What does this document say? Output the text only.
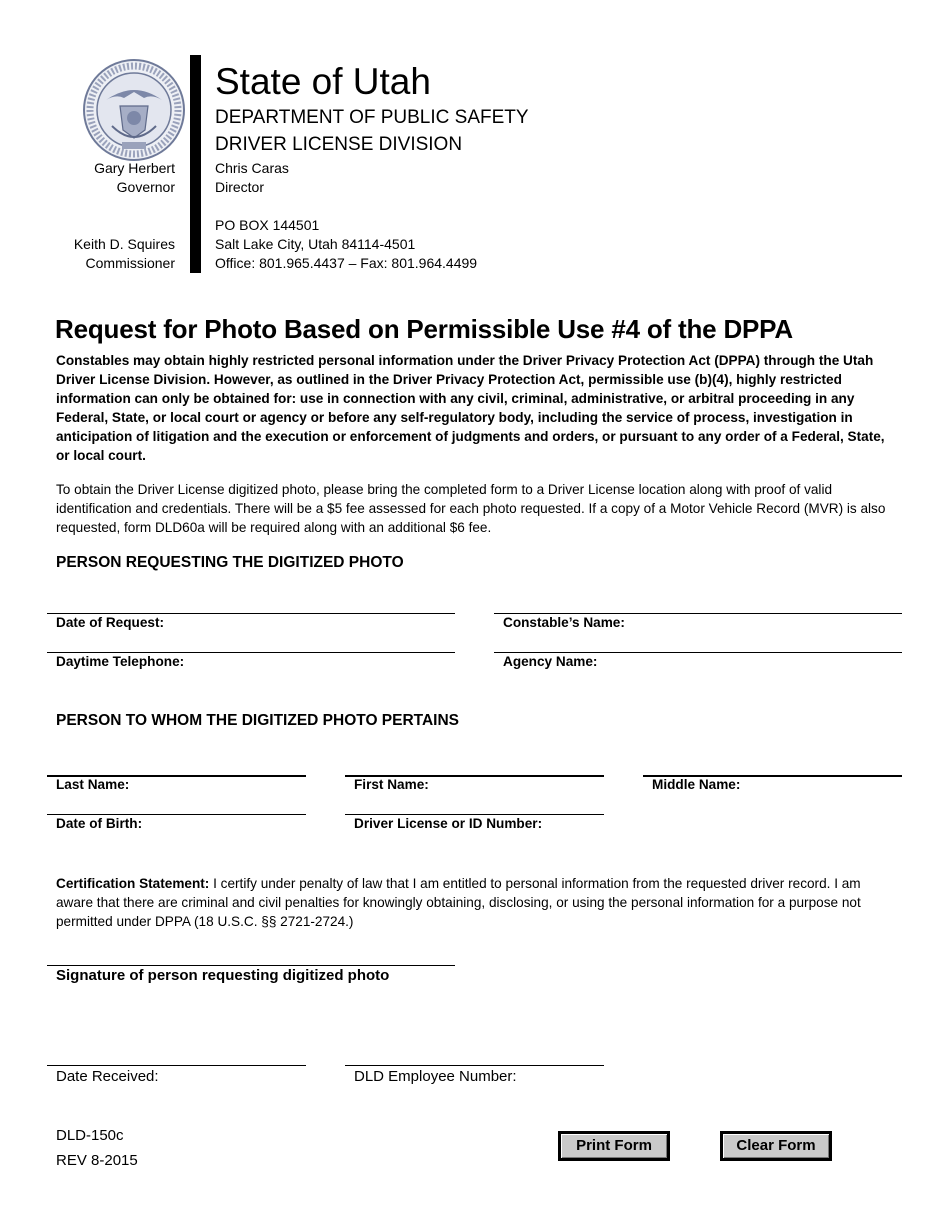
Gary Herbert
Governor
Keith D. Squires
Commissioner
State of Utah
DEPARTMENT OF PUBLIC SAFETY
DRIVER LICENSE DIVISION
Chris Caras
Director
PO BOX 144501
Salt Lake City, Utah 84114-4501
Office: 801.965.4437 – Fax: 801.964.4499
Request for Photo Based on Permissible Use #4 of the DPPA

Constables may obtain highly restricted personal information under the Driver Privacy Protection Act (DPPA) through the Utah Driver License Division. However, as outlined in the Driver Privacy Protection Act, permissible use (b)(4), highly restricted information can only be obtained for: use in connection with any civil, criminal, administrative, or arbitral proceeding in any Federal, State, or local court or agency or before any self-regulatory body, including the service of process, investigation in anticipation of litigation and the execution or enforcement of judgments and orders, or pursuant to any order of a Federal, State, or local court.

To obtain the Driver License digitized photo, please bring the completed form to a Driver License location along with proof of valid identification and credentials. There will be a $5 fee assessed for each photo requested. If a copy of a Motor Vehicle Record (MVR) is also requested, form DLD60a will be required along with an additional $6 fee.

PERSON REQUESTING THE DIGITIZED PHOTO
Date of Request:	Constable’s Name:
Daytime Telephone:	Agency Name:
PERSON TO WHOM THE DIGITIZED PHOTO PERTAINS
Last Name:	First Name:	Middle Name:
Date of Birth:	Driver License or ID Number:

Certification Statement: I certify under penalty of law that I am entitled to personal information from the requested driver record. I am aware that there are criminal and civil penalties for knowingly obtaining, disclosing, or using the personal information for a purpose not permitted under DPPA (18 U.S.C. §§ 2721-2724.)

Signature of person requesting digitized photo
Date Received:	DLD Employee Number:
DLD-150c
REV 8-2015
Print Form	Clear Form
